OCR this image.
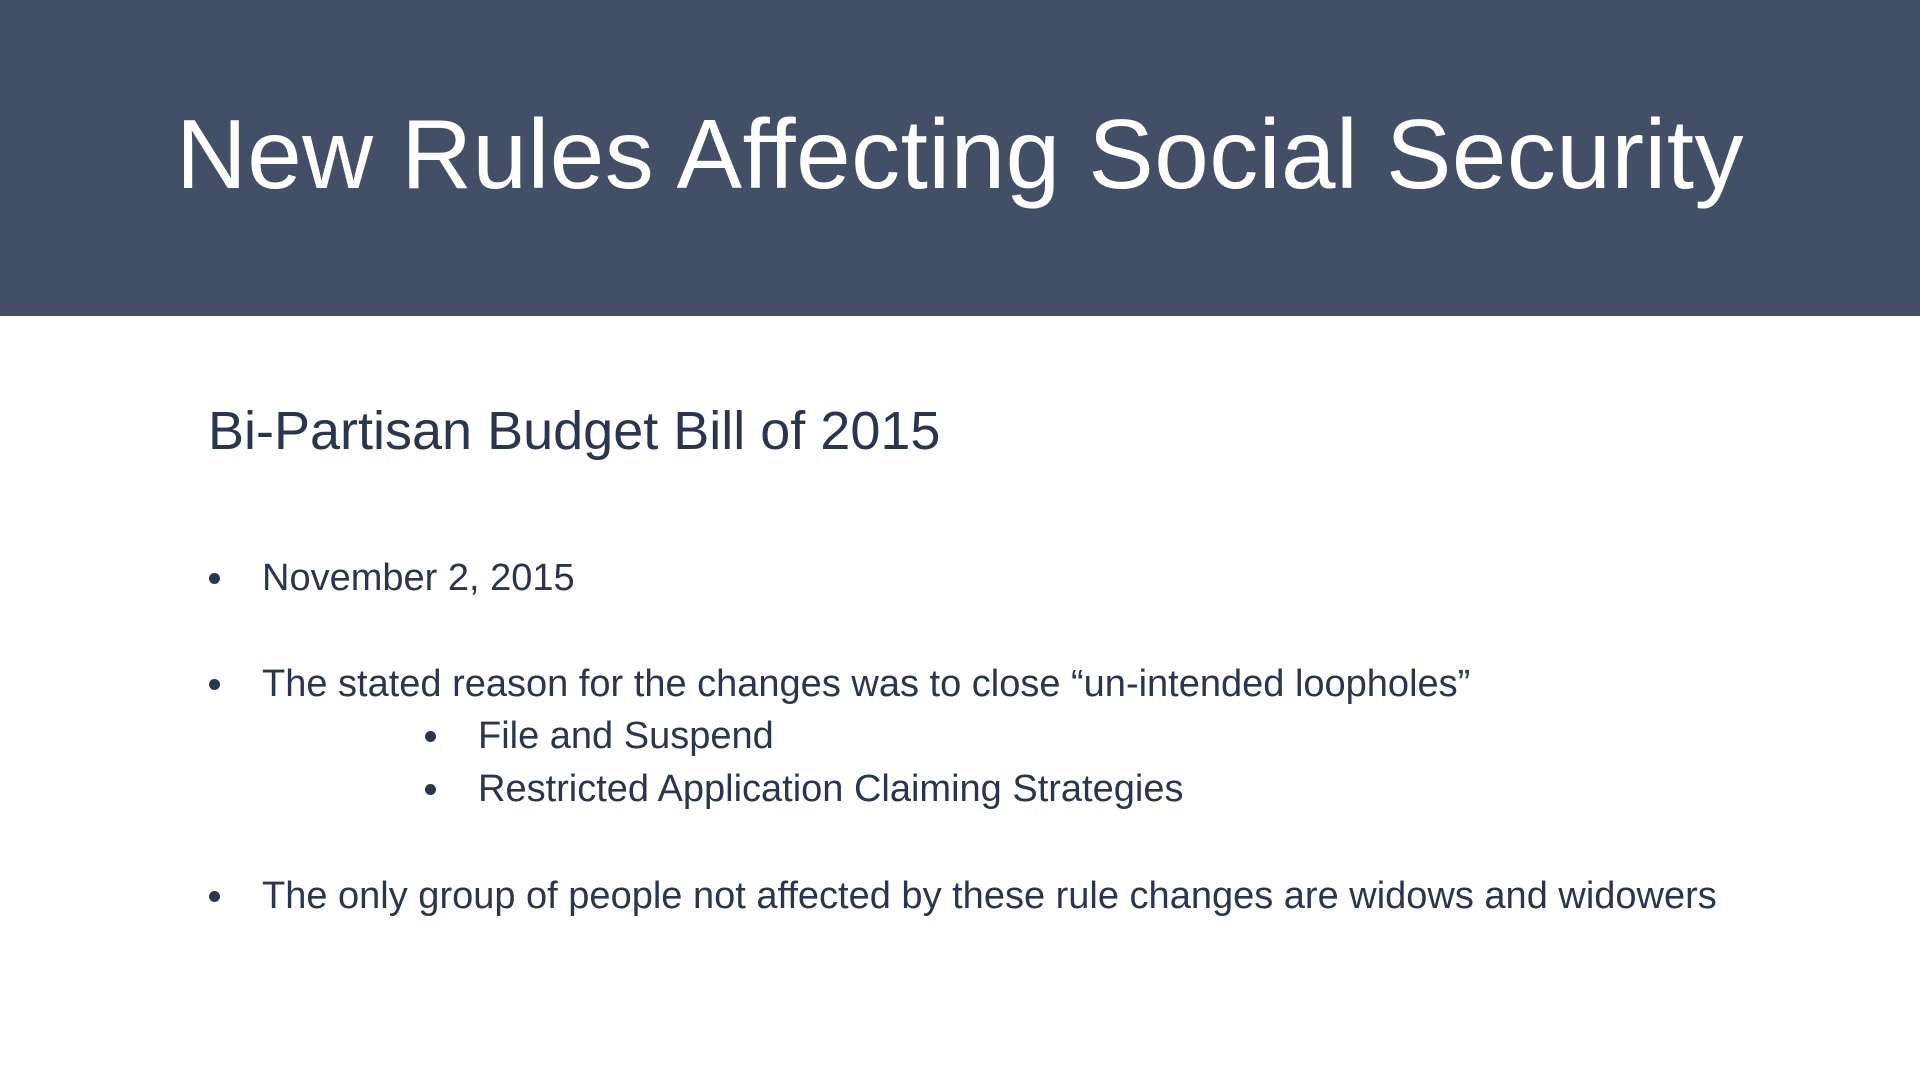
New Rules Affecting Social Security
Bi-Partisan Budget Bill of 2015
November 2, 2015
The stated reason for the changes was to close “un-intended loopholes”
File and Suspend
Restricted Application Claiming Strategies
The only group of people not affected by these rule changes are widows and widowers
